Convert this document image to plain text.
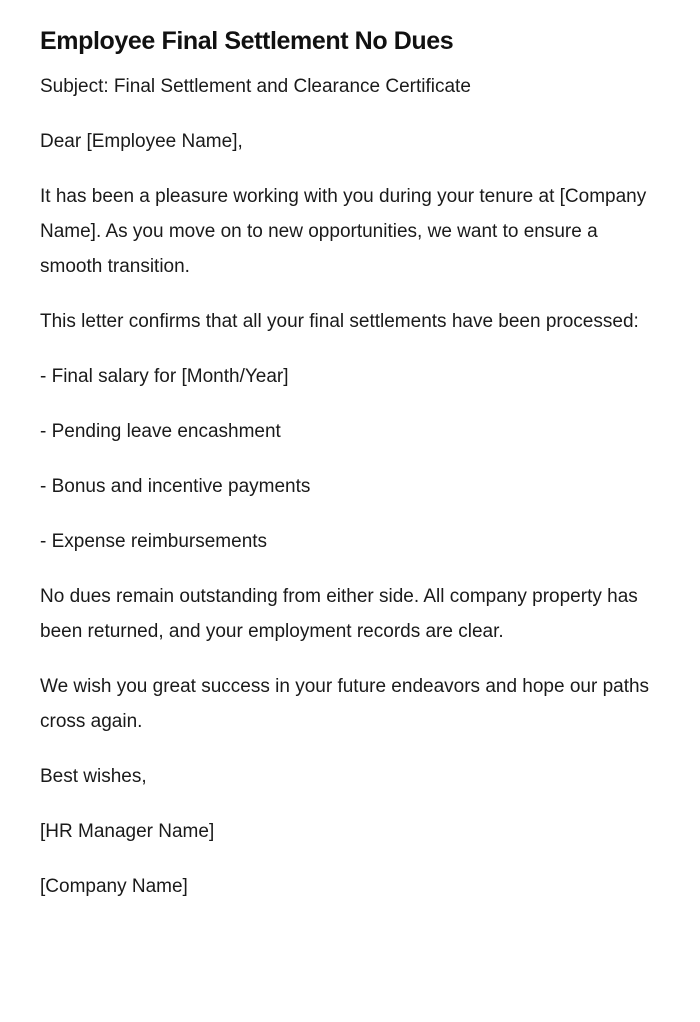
Employee Final Settlement No Dues

Subject: Final Settlement and Clearance Certificate

Dear [Employee Name],

It has been a pleasure working with you during your tenure at [Company Name]. As you move on to new opportunities, we want to ensure a smooth transition.

This letter confirms that all your final settlements have been processed:

- Final salary for [Month/Year]

- Pending leave encashment

- Bonus and incentive payments

- Expense reimbursements

No dues remain outstanding from either side. All company property has been returned, and your employment records are clear.

We wish you great success in your future endeavors and hope our paths cross again.

Best wishes,

[HR Manager Name]

[Company Name]
